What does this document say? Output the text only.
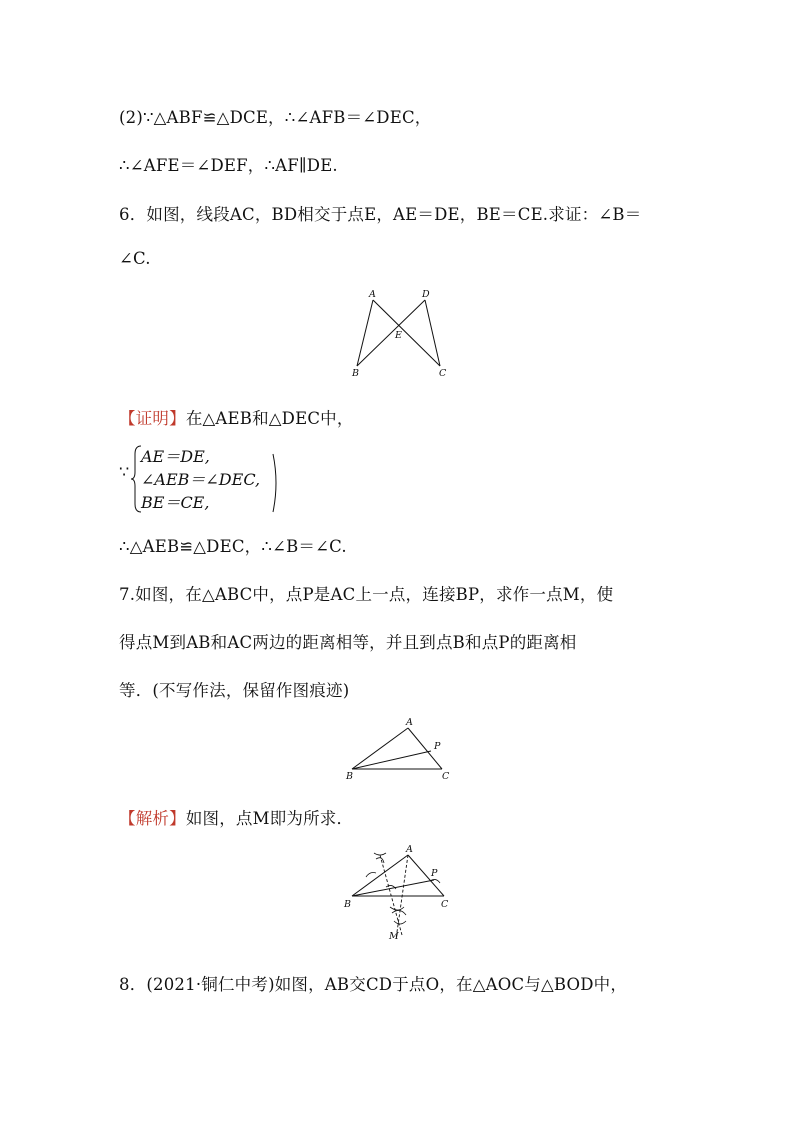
(2)∵△ABF≌△DCE，∴∠AFB＝∠DEC，
∴∠AFE＝∠DEF，∴AF∥DE.
6．如图，线段AC，BD相交于点E，AE＝DE，BE＝CE.求证：∠B＝
∠C.
A	D
E
B	C
【证明】在△AEB和△DEC中，
∵
AE＝DE,
∠AEB＝∠DEC,
BE＝CE,
∴△AEB≌△DEC，∴∠B＝∠C.
7.如图，在△ABC中，点P是AC上一点，连接BP，求作一点M，使
得点M到AB和AC两边的距离相等，并且到点B和点P的距离相
等．(不写作法，保留作图痕迹)
A
P
B	C
【解析】如图，点M即为所求．
A
P
B	C
M
8．(2021·铜仁中考)如图，AB交CD于点O，在△AOC与△BOD中，
